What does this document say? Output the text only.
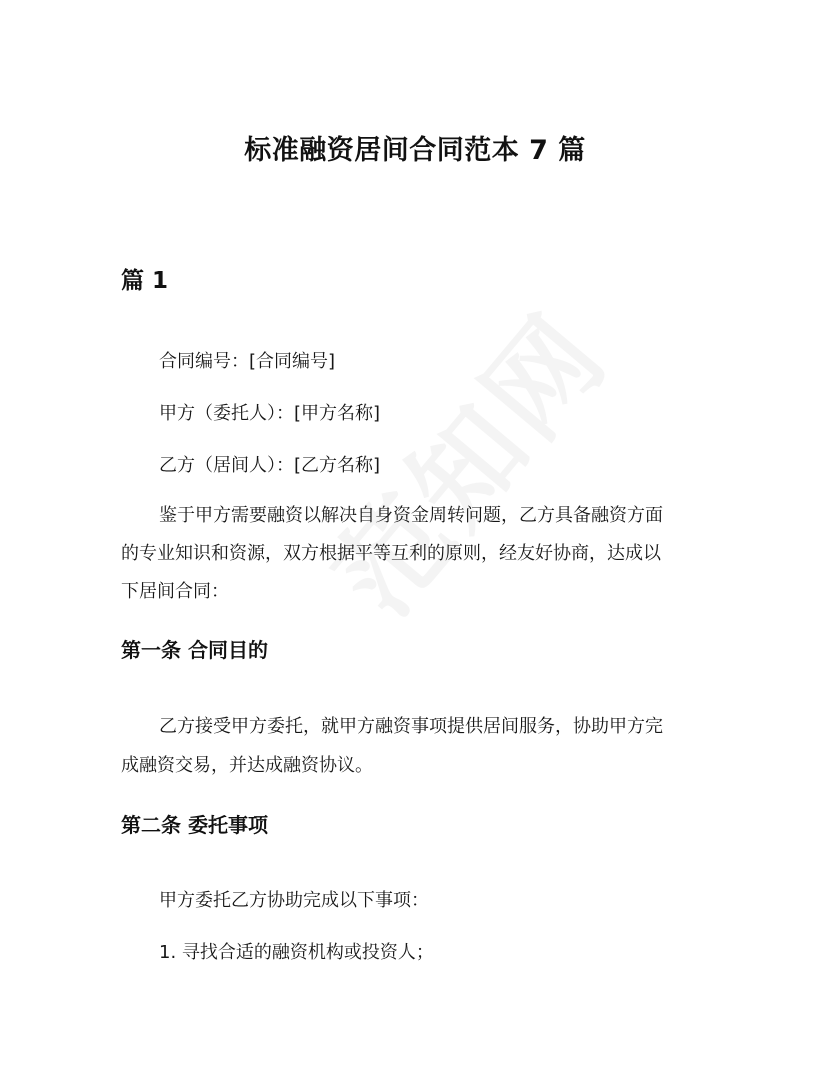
标准融资居间合同范本 7 篇
篇 1

合同编号：[合同编号]

甲方（委托人）：[甲方名称]

乙方（居间人）：[乙方名称]

鉴于甲方需要融资以解决自身资金周转问题，乙方具备融资方面

的专业知识和资源，双方根据平等互利的原则，经友好协商，达成以

下居间合同：

第一条 合同目的

乙方接受甲方委托，就甲方融资事项提供居间服务，协助甲方完

成融资交易，并达成融资协议。

第二条 委托事项

甲方委托乙方协助完成以下事项：

1. 寻找合适的融资机构或投资人；
